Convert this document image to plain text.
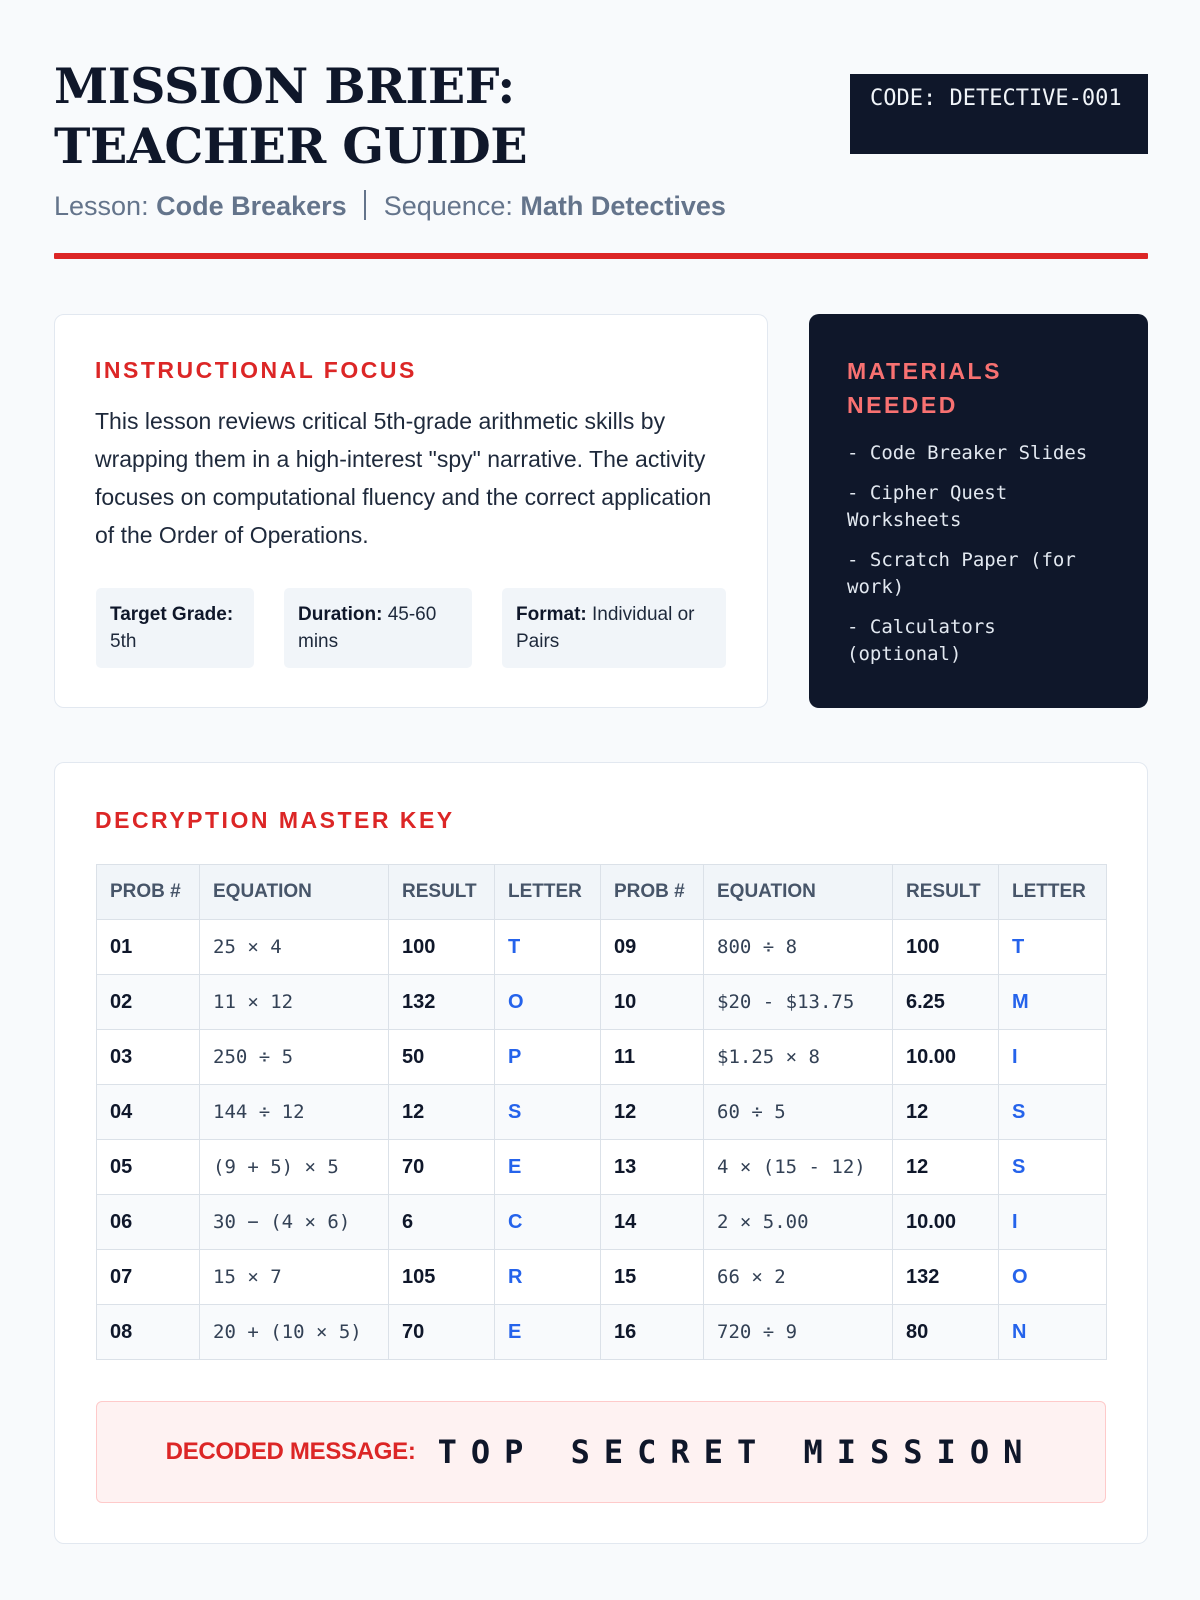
MISSION BRIEF: TEACHER GUIDE
CODE: DETECTIVE-001
Lesson: Code Breakers Sequence: Math Detectives
INSTRUCTIONAL FOCUS

This lesson reviews critical 5th-grade arithmetic skills by wrapping them in a high-interest "spy" narrative. The activity focuses on computational fluency and the correct application of the Order of Operations.

Target Grade: 5th
Duration: 45-60 mins
Format: Individual or Pairs
MATERIALS NEEDED
- Code Breaker Slides
- Cipher Quest Worksheets
- Scratch Paper (for work)
- Calculators (optional)
DECRYPTION MASTER KEY
PROB #	EQUATION	RESULT	LETTER	PROB #	EQUATION	RESULT	LETTER
01	25 × 4	100	T	09	800 ÷ 8	100	T
02	11 × 12	132	O	10	$20 - $13.75	6.25	M
03	250 ÷ 5	50	P	11	$1.25 × 8	10.00	I
04	144 ÷ 12	12	S	12	60 ÷ 5	12	S
05	(9 + 5) × 5	70	E	13	4 × (15 - 12)	12	S
06	30 − (4 × 6)	6	C	14	2 × 5.00	10.00	I
07	15 × 7	105	R	15	66 × 2	132	O
08	20 + (10 × 5)	70	E	16	720 ÷ 9	80	N
DECODED MESSAGE: TOP SECRET MISSION
